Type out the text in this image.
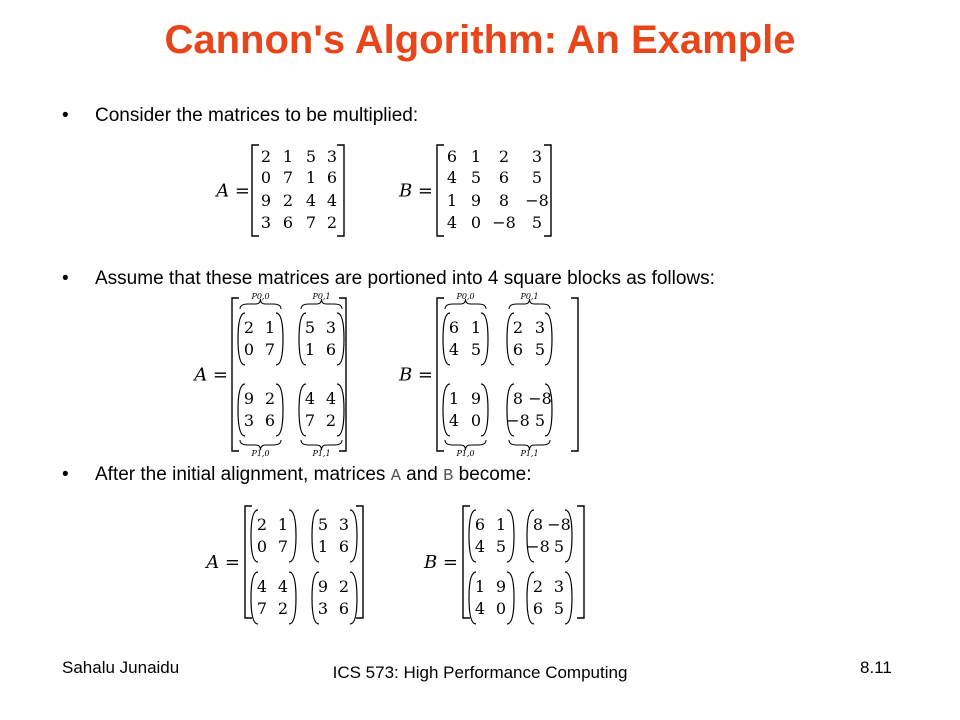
Cannon's Algorithm: An Example
• Consider the matrices to be multiplied:
• Assume that these matrices are portioned into 4 square blocks as follows:
• After the initial alignment, matrices A and B become:
A =
2 1 5 3
0 7 1 6
9 2 4 4
3 6 7 2
B =
6 1 2 3
4 5 6 5
1 9 8 −8
4 0 −8 5
A =
2 1
0 7
P0,0
5 3
1 6
P0,1
9 2
3 6
P1,0
4 4
7 2
P1,1
B =
6 1
4 5
P0,0
2 3
6 5
P0,1
1 9
4 0
P1,0
8 −8
−8 5
P1,1
A =
2 1
0 7
5 3
1 6
4 4
7 2
9 2
3 6
B =
6 1
4 5
8 −8
−8 5
1 9
4 0
2 3
6 5
Sahalu Junaidu	ICS 573: High Performance Computing	8.11
